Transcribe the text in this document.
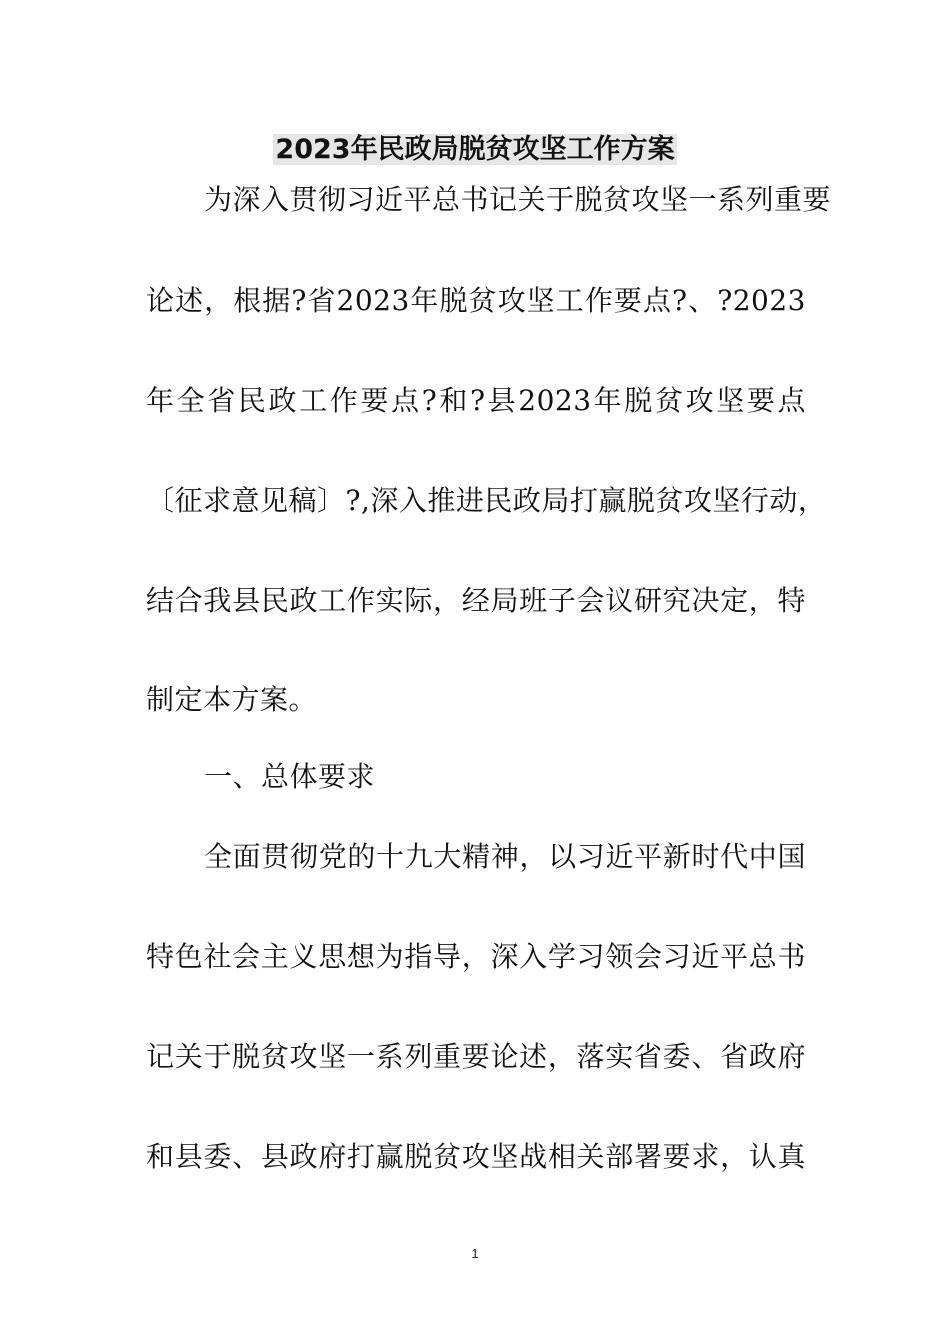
2023年民政局脱贫攻坚工作方案
为深入贯彻习近平总书记关于脱贫攻坚一系列重要
论述，根据?省2023年脱贫攻坚工作要点?、?2023
年全省民政工作要点?和?县2023年脱贫攻坚要点
〔征求意见稿〕?,深入推进民政局打赢脱贫攻坚行动，
结合我县民政工作实际，经局班子会议研究决定，特
制定本方案。
一、总体要求
全面贯彻党的十九大精神，以习近平新时代中国
特色社会主义思想为指导，深入学习领会习近平总书
记关于脱贫攻坚一系列重要论述，落实省委、省政府
和县委、县政府打赢脱贫攻坚战相关部署要求，认真
1
